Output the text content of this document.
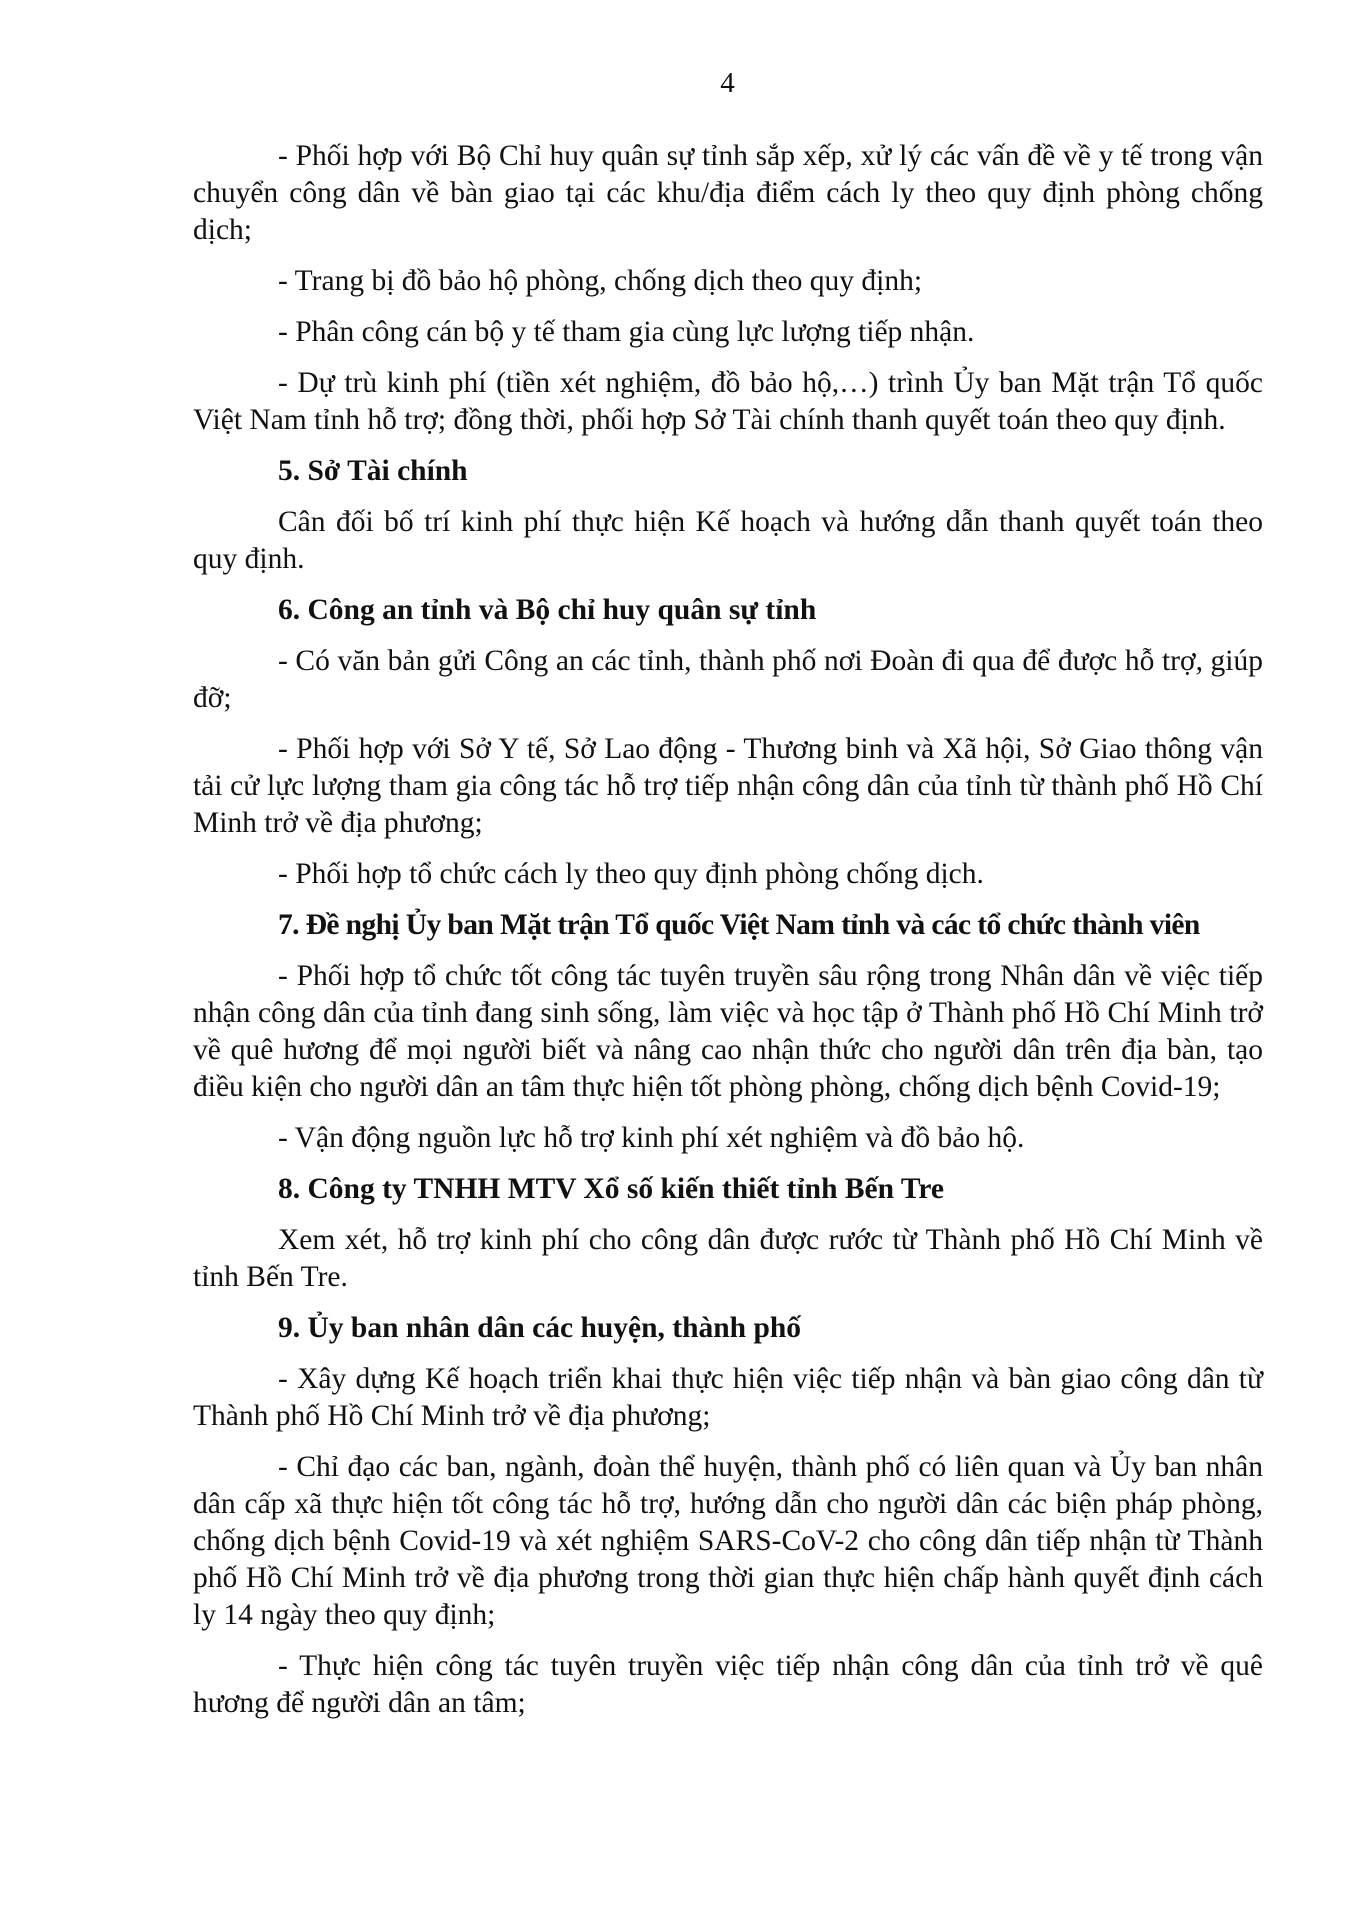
4

- Phối hợp với Bộ Chỉ huy quân sự tỉnh sắp xếp, xử lý các vấn đề về y tế trong vận chuyển công dân về bàn giao tại các khu/địa điểm cách ly theo quy định phòng chống dịch;

- Trang bị đồ bảo hộ phòng, chống dịch theo quy định;

- Phân công cán bộ y tế tham gia cùng lực lượng tiếp nhận.

- Dự trù kinh phí (tiền xét nghiệm, đồ bảo hộ,…) trình Ủy ban Mặt trận Tổ quốc Việt Nam tỉnh hỗ trợ; đồng thời, phối hợp Sở Tài chính thanh quyết toán theo quy định.

5. Sở Tài chính

Cân đối bố trí kinh phí thực hiện Kế hoạch và hướng dẫn thanh quyết toán theo quy định.

6. Công an tỉnh và Bộ chỉ huy quân sự tỉnh

- Có văn bản gửi Công an các tỉnh, thành phố nơi Đoàn đi qua để được hỗ trợ, giúp đỡ;

- Phối hợp với Sở Y tế, Sở Lao động - Thương binh và Xã hội, Sở Giao thông vận tải cử lực lượng tham gia công tác hỗ trợ tiếp nhận công dân của tỉnh từ thành phố Hồ Chí Minh trở về địa phương;

- Phối hợp tổ chức cách ly theo quy định phòng chống dịch.

7. Đề nghị Ủy ban Mặt trận Tổ quốc Việt Nam tỉnh và các tổ chức thành viên

- Phối hợp tổ chức tốt công tác tuyên truyền sâu rộng trong Nhân dân về việc tiếp nhận công dân của tỉnh đang sinh sống, làm việc và học tập ở Thành phố Hồ Chí Minh trở về quê hương để mọi người biết và nâng cao nhận thức cho người dân trên địa bàn, tạo điều kiện cho người dân an tâm thực hiện tốt phòng phòng, chống dịch bệnh Covid-19;

- Vận động nguồn lực hỗ trợ kinh phí xét nghiệm và đồ bảo hộ.

8. Công ty TNHH MTV Xổ số kiến thiết tỉnh Bến Tre

Xem xét, hỗ trợ kinh phí cho công dân được rước từ Thành phố Hồ Chí Minh về tỉnh Bến Tre.

9. Ủy ban nhân dân các huyện, thành phố

- Xây dựng Kế hoạch triển khai thực hiện việc tiếp nhận và bàn giao công dân từ Thành phố Hồ Chí Minh trở về địa phương;

- Chỉ đạo các ban, ngành, đoàn thể huyện, thành phố có liên quan và Ủy ban nhân dân cấp xã thực hiện tốt công tác hỗ trợ, hướng dẫn cho người dân các biện pháp phòng, chống dịch bệnh Covid-19 và xét nghiệm SARS-CoV-2 cho công dân tiếp nhận từ Thành phố Hồ Chí Minh trở về địa phương trong thời gian thực hiện chấp hành quyết định cách ly 14 ngày theo quy định;

- Thực hiện công tác tuyên truyền việc tiếp nhận công dân của tỉnh trở về quê hương để người dân an tâm;
